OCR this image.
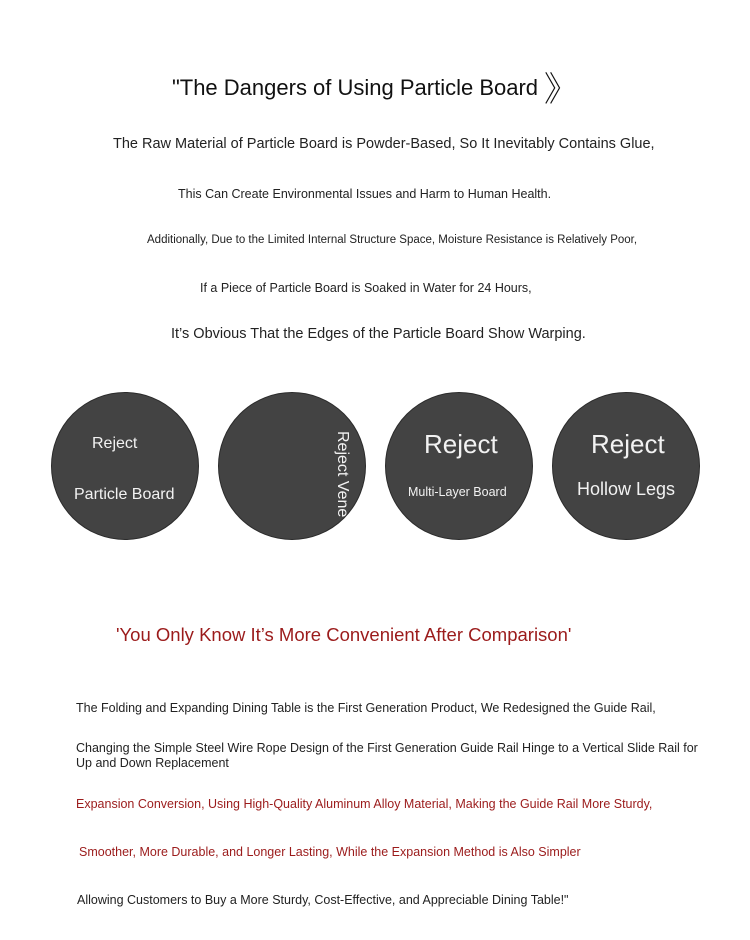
"The Dangers of Using Particle Board 》
The Raw Material of Particle Board is Powder-Based, So It Inevitably Contains Glue,
This Can Create Environmental Issues and Harm to Human Health.
Additionally, Due to the Limited Internal Structure Space, Moisture Resistance is Relatively Poor,
If a Piece of Particle Board is Soaked in Water for 24 Hours,
It’s Obvious That the Edges of the Particle Board Show Warping.
Reject
Particle Board	Reject Vene	Reject
Multi-Layer Board
Reject
Hollow Legs
'You Only Know It’s More Convenient After Comparison'
The Folding and Expanding Dining Table is the First Generation Product, We Redesigned the Guide Rail,
Changing the Simple Steel Wire Rope Design of the First Generation Guide Rail Hinge to a Vertical Slide Rail for Up and Down Replacement
Expansion Conversion, Using High-Quality Aluminum Alloy Material, Making the Guide Rail More Sturdy,
Smoother, More Durable, and Longer Lasting, While the Expansion Method is Also Simpler
Allowing Customers to Buy a More Sturdy, Cost-Effective, and Appreciable Dining Table!"
